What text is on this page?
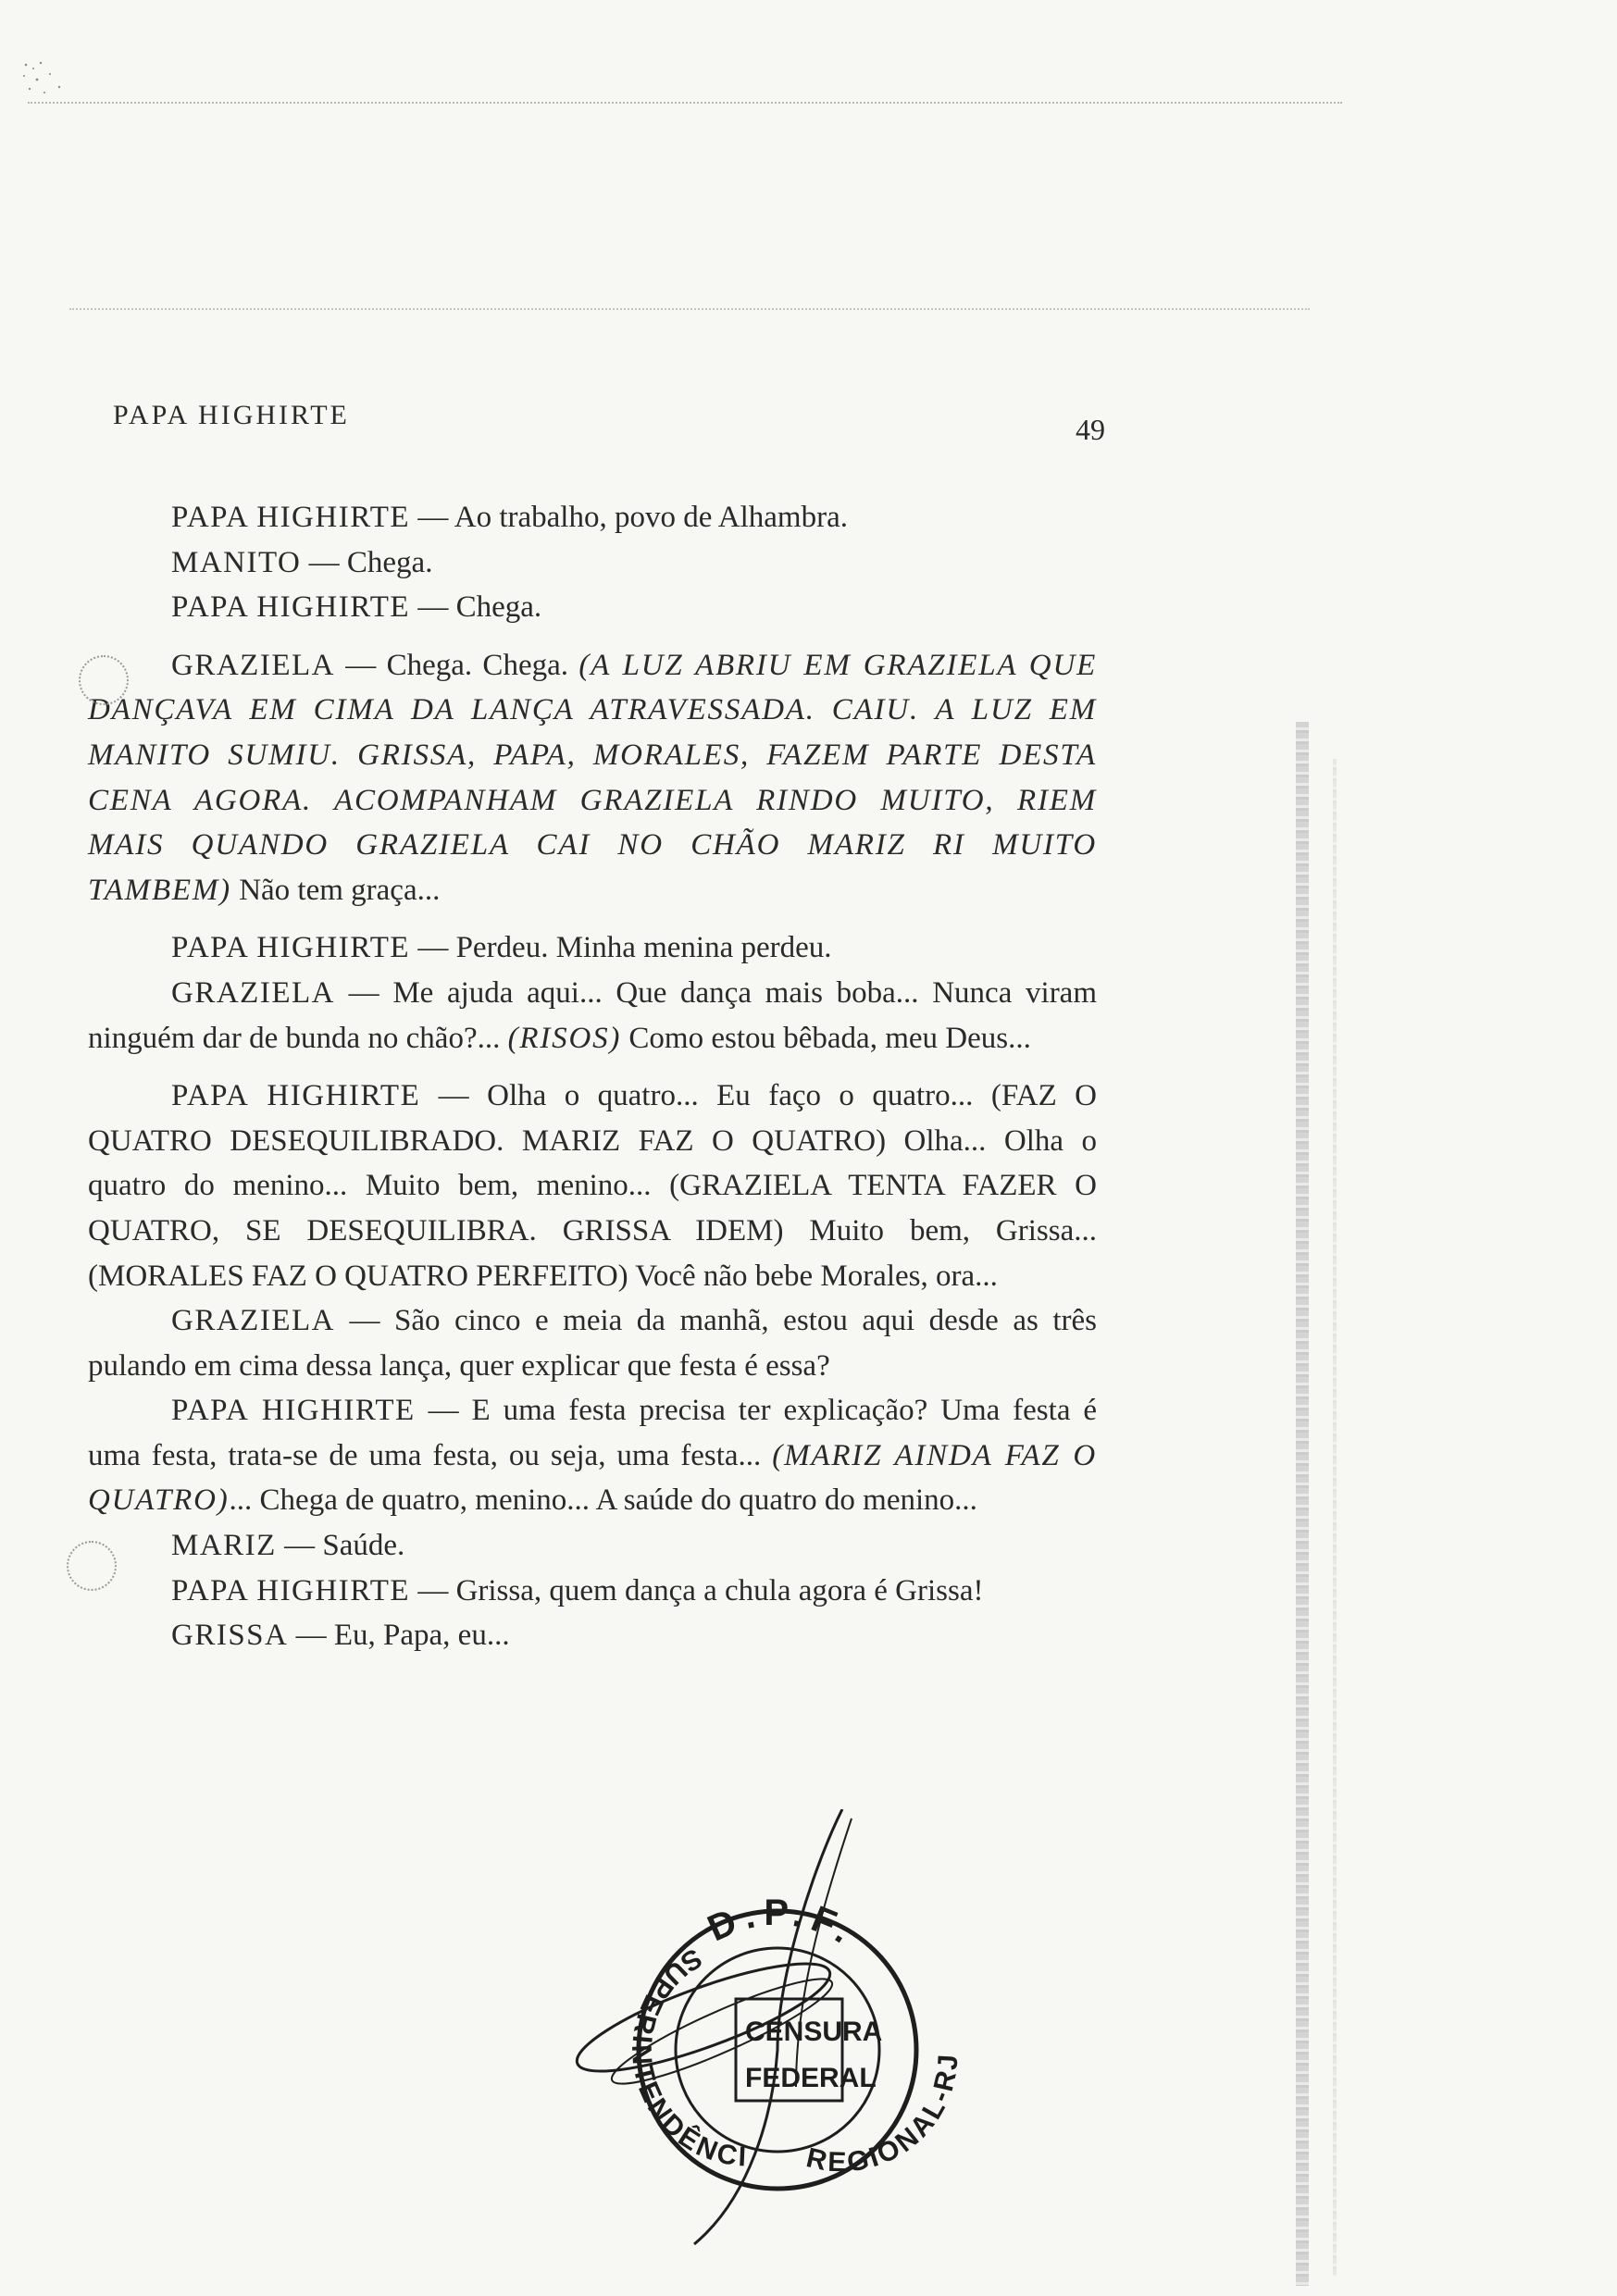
PAPA HIGHIRTE	49

PAPA HIGHIRTE — Ao trabalho, povo de Alhambra.

MANITO — Chega.

PAPA HIGHIRTE — Chega.

GRAZIELA — Chega. Chega. (A LUZ ABRIU EM GRAZIELA QUE DANÇAVA EM CIMA DA LANÇA ATRAVESSADA. CAIU. A LUZ EM MANITO SUMIU. GRISSA, PAPA, MORALES, FAZEM PARTE DESTA CENA AGORA. ACOMPANHAM GRAZIELA RINDO MUITO, RIEM MAIS QUANDO GRAZIELA CAI NO CHÃO MARIZ RI MUITO TAMBEM) Não tem graça...

PAPA HIGHIRTE — Perdeu. Minha menina perdeu.

GRAZIELA — Me ajuda aqui... Que dança mais boba... Nunca viram ninguém dar de bunda no chão?... (RISOS) Como estou bêbada, meu Deus...

PAPA HIGHIRTE — Olha o quatro... Eu faço o quatro... (FAZ O QUATRO DESEQUILIBRADO. MARIZ FAZ O QUATRO) Olha... Olha o quatro do menino... Muito bem, menino... (GRAZIELA TENTA FAZER O QUATRO, SE DESEQUILIBRA. GRISSA IDEM) Muito bem, Grissa... (MORALES FAZ O QUATRO PERFEITO) Você não bebe Morales, ora...

GRAZIELA — São cinco e meia da manhã, estou aqui desde as três pulando em cima dessa lança, quer explicar que festa é essa?

PAPA HIGHIRTE — E uma festa precisa ter explicação? Uma festa é uma festa, trata-se de uma festa, ou seja, uma festa... (MARIZ AINDA FAZ O QUATRO)... Chega de quatro, menino... A saúde do quatro do menino...

MARIZ — Saúde.

PAPA HIGHIRTE — Grissa, quem dança a chula agora é Grissa!

GRISSA — Eu, Papa, eu...

D.P.F.
SUPERINTENDÊNCI REGIONAL-RJ
CENSURA
FEDERAL
